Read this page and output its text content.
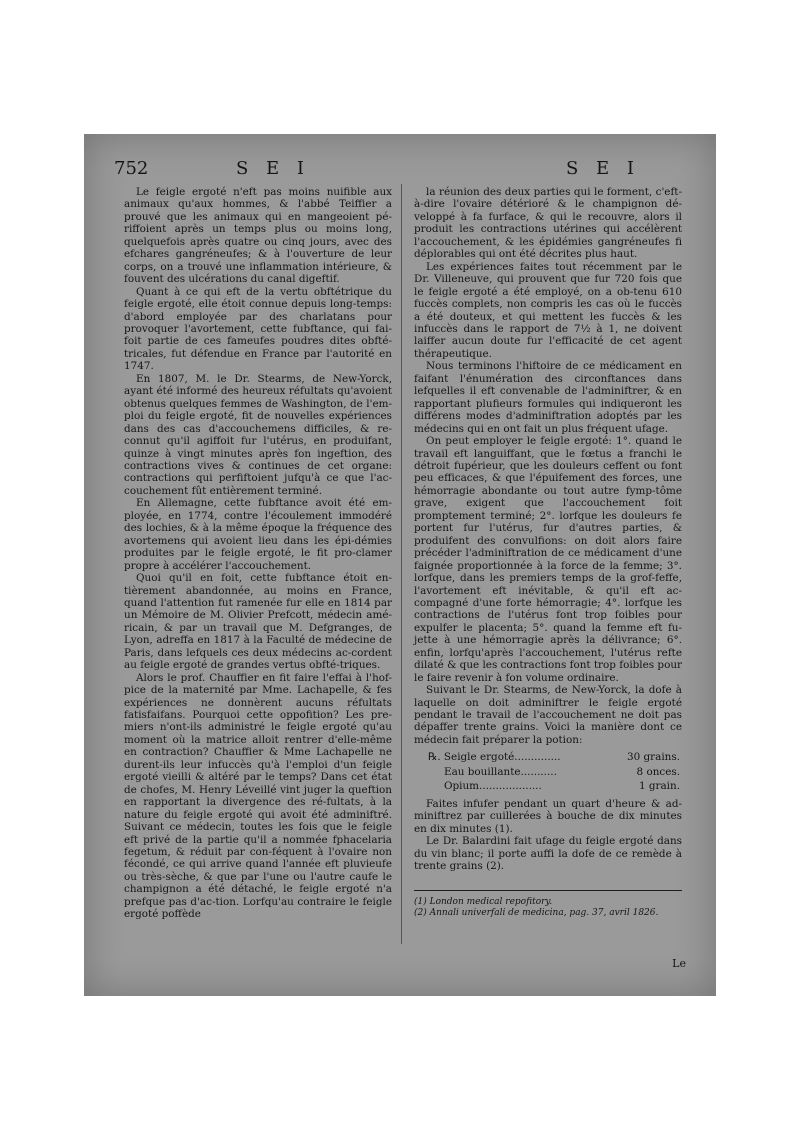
752	S E I	S E I

Le feigle ergoté n'eft pas moins nuifible aux animaux qu'aux hommes, & l'abbé Teiffier a prouvé que les animaux qui en mangeoient pé-riffoient après un temps plus ou moins long, quelquefois après quatre ou cinq jours, avec des efchares gangréneufes; & à l'ouverture de leur corps, on a trouvé une inflammation intérieure, & fouvent des ulcérations du canal digeftif.

Quant à ce qui eft de la vertu obftétrique du feigle ergoté, elle étoit connue depuis long-temps: d'abord employée par des charlatans pour provoquer l'avortement, cette fubftance, qui fai-foit partie de ces fameufes poudres dites obfté-tricales, fut défendue en France par l'autorité en 1747.

En 1807, M. le Dr. Stearms, de New-Yorck, ayant été informé des heureux réfultats qu'avoient obtenus quelques femmes de Washington, de l'em-ploi du feigle ergoté, fit de nouvelles expériences dans des cas d'accouchemens difficiles, & re-connut qu'il agiffoit fur l'utérus, en produifant, quinze à vingt minutes après fon ingeftion, des contractions vives & continues de cet organe: contractions qui perfiftoient jufqu'à ce que l'ac-couchement fût entièrement terminé.

En Allemagne, cette fubftance avoit été em-ployée, en 1774, contre l'écoulement immodéré des lochies, & à la même époque la fréquence des avortemens qui avoient lieu dans les épi-démies produites par le feigle ergoté, le fit pro-clamer propre à accélérer l'accouchement.

Quoi qu'il en foit, cette fubftance étoit en-tièrement abandonnée, au moins en France, quand l'attention fut ramenée fur elle en 1814 par un Mémoire de M. Olivier Prefcott, médecin amé-ricain, & par un travail que M. Defgranges, de Lyon, adreffa en 1817 à la Faculté de médecine de Paris, dans lefquels ces deux médecins ac-cordent au feigle ergoté de grandes vertus obfté-triques.

Alors le prof. Chauffier en fit faire l'effai à l'hof-pice de la maternité par Mme. Lachapelle, & fes expériences ne donnèrent aucuns réfultats fatisfaifans. Pourquoi cette oppofition? Les pre-miers n'ont-ils administré le feigle ergoté qu'au moment où la matrice alloit rentrer d'elle-même en contraction? Chauffier & Mme Lachapelle ne durent-ils leur infuccès qu'à l'emploi d'un feigle ergoté vieilli & altéré par le temps? Dans cet état de chofes, M. Henry Léveillé vint juger la queftion en rapportant la divergence des ré-fultats, à la nature du feigle ergoté qui avoit été adminiftré. Suivant ce médecin, toutes les fois que le feigle eft privé de la partie qu'il a nommée fphacelaria fegetum, & réduit par con-féquent à l'ovaire non fécondé, ce qui arrive quand l'année eft pluvieufe ou très-sèche, & que par l'une ou l'autre caufe le champignon a été détaché, le feigle ergoté n'a prefque pas d'ac-tion. Lorfqu'au contraire le feigle ergoté poffède

la réunion des deux parties qui le forment, c'eft-à-dire l'ovaire détérioré & le champignon dé-veloppé à fa furface, & qui le recouvre, alors il produit les contractions utérines qui accélèrent l'accouchement, & les épidémies gangréneufes fi déplorables qui ont été décrites plus haut.

Les expériences faites tout récemment par le Dr. Villeneuve, qui prouvent que fur 720 fois que le feigle ergoté a été employé, on a ob-tenu 610 fuccès complets, non compris les cas où le fuccès a été douteux, et qui mettent les fuccès & les infuccès dans le rapport de 7½ à 1, ne doivent laiffer aucun doute fur l'efficacité de cet agent thérapeutique.

Nous terminons l'hiftoire de ce médicament en faifant l'énumération des circonftances dans lefquelles il eft convenable de l'adminiftrer, & en rapportant plufieurs formules qui indiqueront les différens modes d'adminiftration adoptés par les médecins qui en ont fait un plus fréquent ufage.

On peut employer le feigle ergoté: 1°. quand le travail eft languiffant, que le fœtus a franchi le détroit fupérieur, que les douleurs ceffent ou font peu efficaces, & que l'épuifement des forces, une hémorragie abondante ou tout autre fymp-tôme grave, exigent que l'accouchement foit promptement terminé; 2°. lorfque les douleurs fe portent fur l'utérus, fur d'autres parties, & produifent des convulfions: on doit alors faire précéder l'adminiftration de ce médicament d'une faignée proportionnée à la force de la femme; 3°. lorfque, dans les premiers temps de la grof-feffe, l'avortement eft inévitable, & qu'il eft ac-compagné d'une forte hémorragie; 4°. lorfque les contractions de l'utérus font trop foibles pour expulfer le placenta; 5°. quand la femme eft fu-jette à une hémorragie après la délivrance; 6°. enfin, lorfqu'après l'accouchement, l'utérus refte dilaté & que les contractions font trop foibles pour le faire revenir à fon volume ordinaire.

Suivant le Dr. Stearms, de New-Yorck, la dofe à laquelle on doit adminiftrer le feigle ergoté pendant le travail de l'accouchement ne doit pas dépaffer trente grains. Voici la manière dont ce médecin fait préparer la potion:

℞. Seigle ergoté..............	30 grains.
Eau bouillante...........	8 onces.
Opium...................	1 grain.

Faites infufer pendant un quart d'heure & ad-miniftrez par cuillerées à bouche de dix minutes en dix minutes (1).

Le Dr. Balardini fait ufage du feigle ergoté dans du vin blanc; il porte auffi la dofe de ce remède à trente grains (2).

(1) London medical repofitory.

(2) Annali univerfali de medicina, pag. 37, avril 1826.

Le
